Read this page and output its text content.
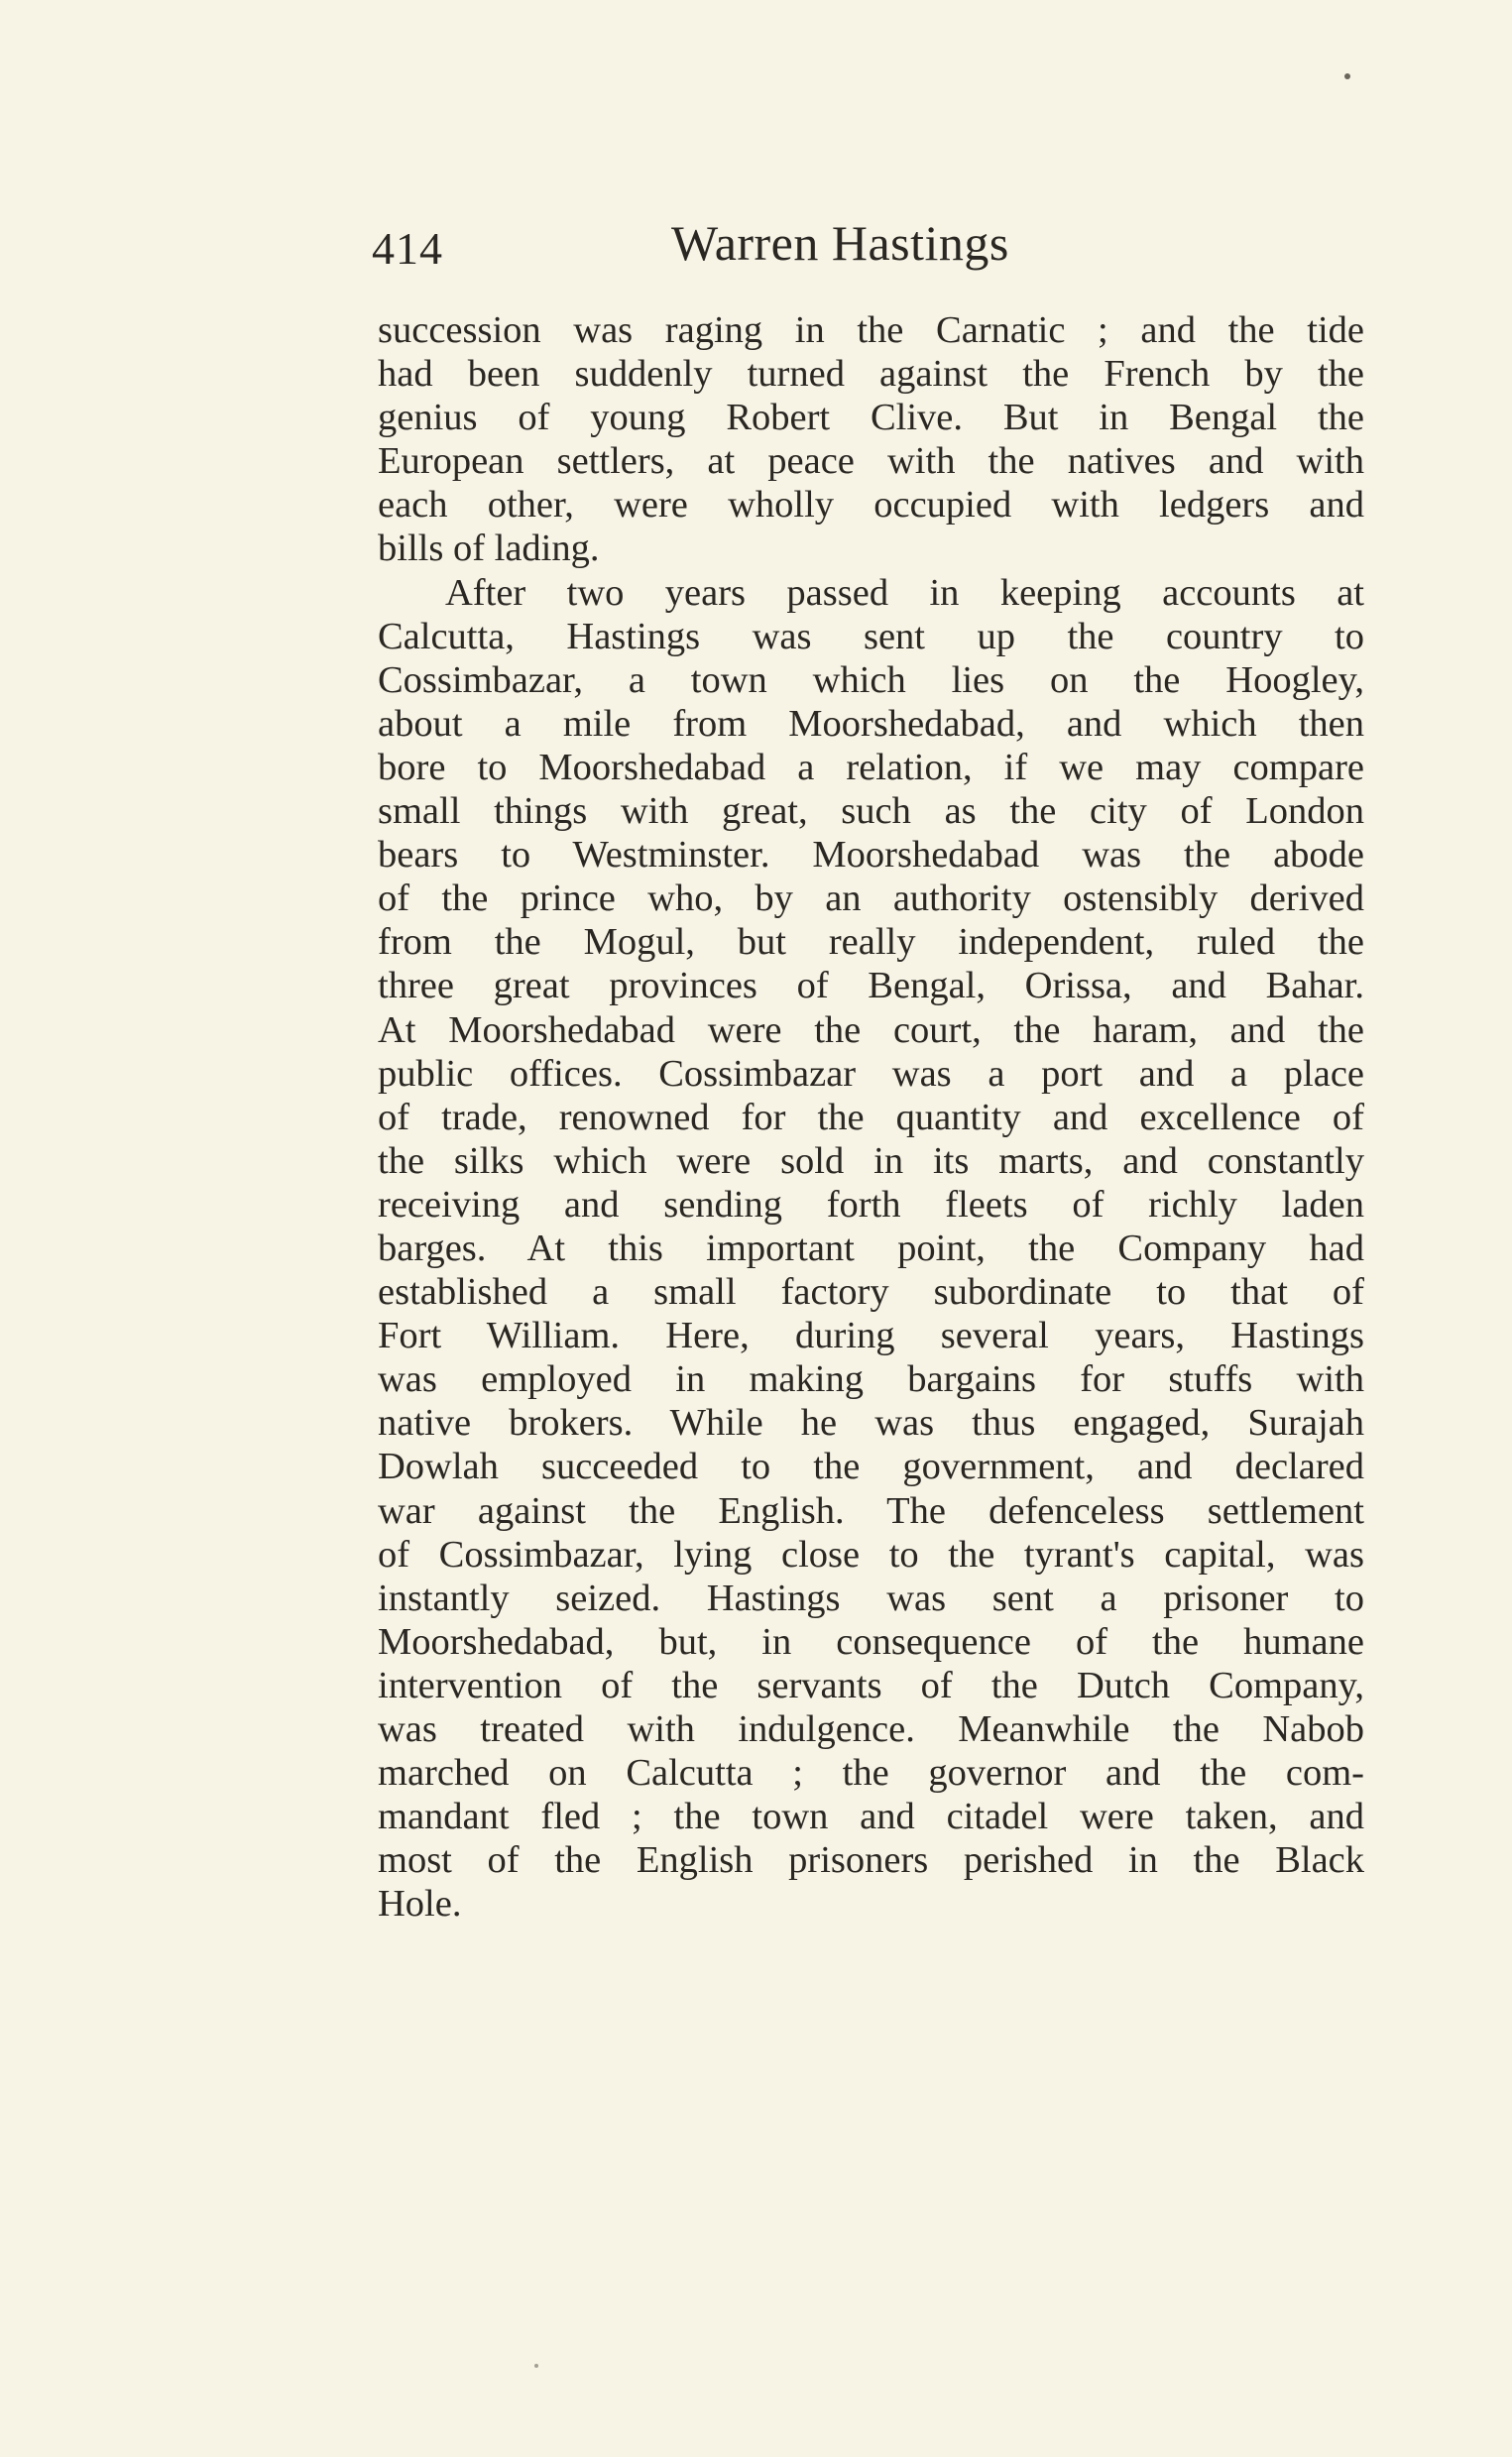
414	Warren Hastings

succession was raging in the Carnatic ; and the tide
had been suddenly turned against the French by the
genius of young Robert Clive. But in Bengal the
European settlers, at peace with the natives and with
each other, were wholly occupied with ledgers and
bills of lading.

After two years passed in keeping accounts at
Calcutta, Hastings was sent up the country to
Cossimbazar, a town which lies on the Hoogley,
about a mile from Moorshedabad, and which then
bore to Moorshedabad a relation, if we may compare
small things with great, such as the city of London
bears to Westminster. Moorshedabad was the abode
of the prince who, by an authority ostensibly derived
from the Mogul, but really independent, ruled the
three great provinces of Bengal, Orissa, and Bahar.
At Moorshedabad were the court, the haram, and the
public offices. Cossimbazar was a port and a place
of trade, renowned for the quantity and excellence of
the silks which were sold in its marts, and constantly
receiving and sending forth fleets of richly laden
barges. At this important point, the Company had
established a small factory subordinate to that of
Fort William. Here, during several years, Hastings
was employed in making bargains for stuffs with
native brokers. While he was thus engaged, Surajah
Dowlah succeeded to the government, and declared
war against the English. The defenceless settlement
of Cossimbazar, lying close to the tyrant's capital, was
instantly seized. Hastings was sent a prisoner to
Moorshedabad, but, in consequence of the humane
intervention of the servants of the Dutch Company,
was treated with indulgence. Meanwhile the Nabob
marched on Calcutta ; the governor and the com-
mandant fled ; the town and citadel were taken, and
most of the English prisoners perished in the Black
Hole.
